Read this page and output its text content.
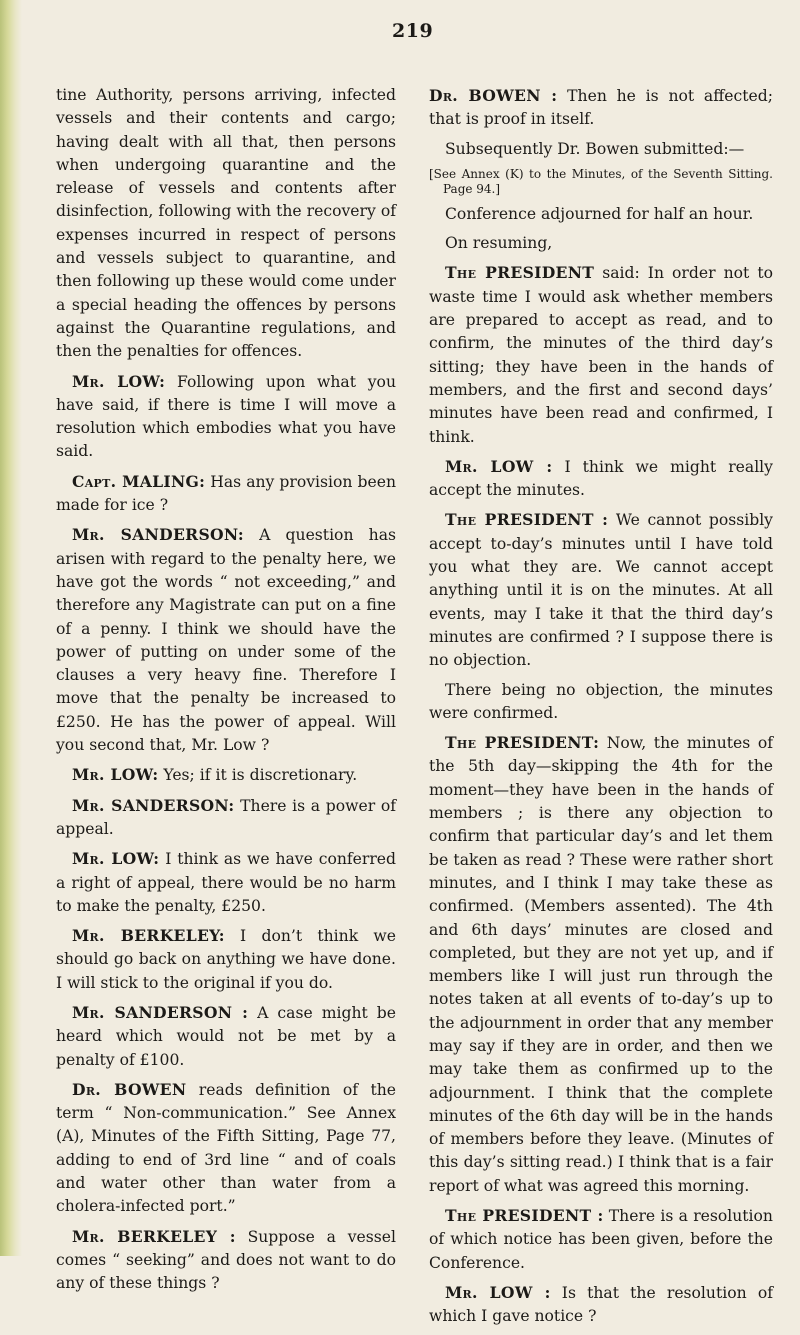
219

tine Authority, persons arriving, infected vessels and their contents and cargo; having dealt with all that, then persons when undergoing quarantine and the release of vessels and contents after disinfection, following with the recovery of expenses incurred in respect of persons and vessels subject to quarantine, and then following up these would come under a special heading the offences by persons against the Quarantine regulations, and then the penalties for offences.

Mr. LOW: Following upon what you have said, if there is time I will move a resolution which embodies what you have said.

Capt. MALING: Has any provision been made for ice ?

Mr. SANDERSON: A question has arisen with regard to the penalty here, we have got the words “ not exceeding,” and therefore any Magistrate can put on a fine of a penny. I think we should have the power of putting on under some of the clauses a very heavy fine. Therefore I move that the penalty be increased to £250. He has the power of appeal. Will you second that, Mr. Low ?

Mr. LOW: Yes; if it is discretionary.

Mr. SANDERSON: There is a power of appeal.

Mr. LOW: I think as we have conferred a right of appeal, there would be no harm to make the penalty, £250.

Mr. BERKELEY: I don’t think we should go back on anything we have done. I will stick to the original if you do.

Mr. SANDERSON : A case might be heard which would not be met by a penalty of £100.

Dr. BOWEN reads definition of the term “ Non-communication.” See Annex (A), Minutes of the Fifth Sitting, Page 77, adding to end of 3rd line “ and of coals and water other than water from a cholera-infected port.”

Mr. BERKELEY : Suppose a vessel comes “ seeking” and does not want to do any of these things ?

Dr. BOWEN : Then he is not affected; that is proof in itself.

Subsequently Dr. Bowen submitted:—

[See Annex (K) to the Minutes, of the Seventh Sitting. Page 94.]

Conference adjourned for half an hour.

On resuming,

The PRESIDENT said: In order not to waste time I would ask whether members are prepared to accept as read, and to confirm, the minutes of the third day’s sitting; they have been in the hands of members, and the first and second days’ minutes have been read and confirmed, I think.

Mr. LOW : I think we might really accept the minutes.

The PRESIDENT : We cannot possibly accept to-day’s minutes until I have told you what they are. We cannot accept anything until it is on the minutes. At all events, may I take it that the third day’s minutes are confirmed ? I suppose there is no objection.

There being no objection, the minutes were confirmed.

The PRESIDENT: Now, the minutes of the 5th day—skipping the 4th for the moment—they have been in the hands of members ; is there any objection to confirm that particular day’s and let them be taken as read ? These were rather short minutes, and I think I may take these as confirmed. (Members assented). The 4th and 6th days’ minutes are closed and completed, but they are not yet up, and if members like I will just run through the notes taken at all events of to-day’s up to the adjournment in order that any member may say if they are in order, and then we may take them as confirmed up to the adjournment. I think that the complete minutes of the 6th day will be in the hands of members before they leave. (Minutes of this day’s sitting read.) I think that is a fair report of what was agreed this morning.

The PRESIDENT : There is a resolution of which notice has been given, before the Conference.

Mr. LOW : Is that the resolution of which I gave notice ?
